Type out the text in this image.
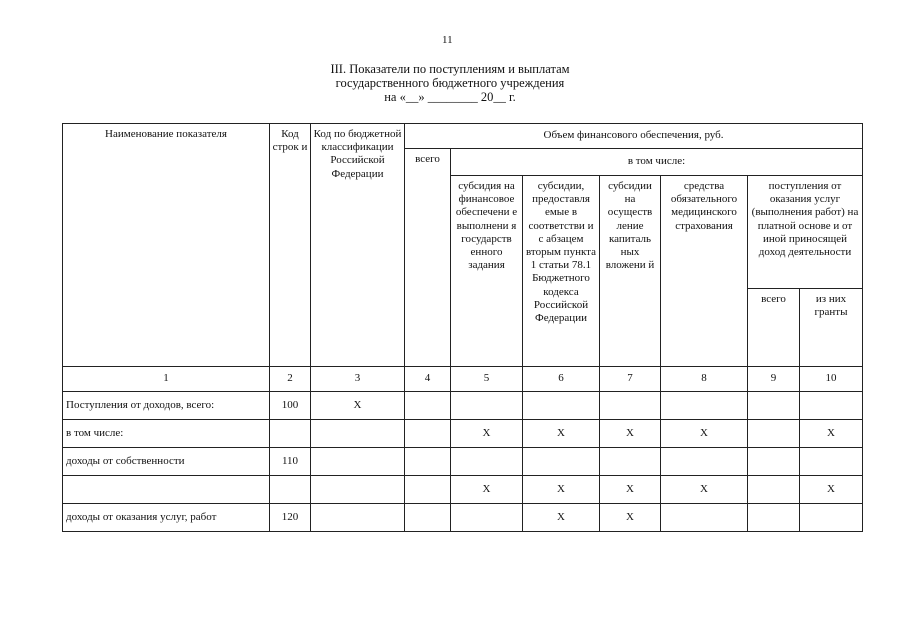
11
III. Показатели по поступлениям и выплатам
государственного бюджетного учреждения
на «__» ________ 20__ г.
Наименование показателя	Код строк и	Код по бюджетной классификации Российской Федерации	Объем финансового обеспечения, руб.						
			всего	в том числе:					
				субсидия на финансовое обеспечени е выполнени я государств енного задания	субсидии, предоставля емые в соответстви и с абзацем вторым пункта 1 статьи 78.1 Бюджетного кодекса Российской Федерации	субсидии на осуществ ление капиталь ных вложени й	средства обязательного медицинского страхования	поступления от оказания услуг (выполнения работ) на платной основе и от иной приносящей доход деятельности	
								всего	из них гранты
1	2	3	4	5	6	7	8	9	10
Поступления от доходов, всего:	100	X							
в том числе:				X	X	X	X		X
доходы от собственности	110								
				X	X	X	X		X
доходы от оказания услуг, работ	120				X	X			
